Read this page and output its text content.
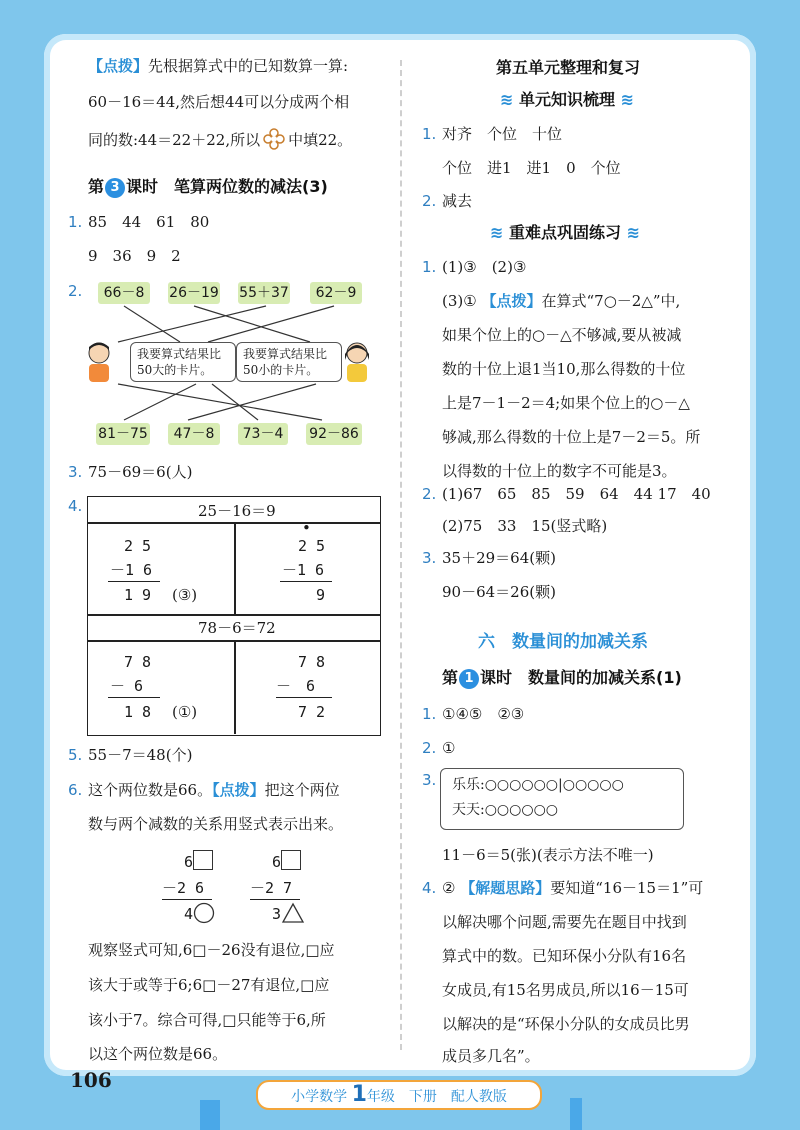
【点拨】先根据算式中的已知数算一算:
60－16＝44,然后想44可以分成两个相
同的数:44＝22＋22,所以 中填22。
第 3 课时　笔算两位数的减法(3)
1. 85　44　61　80
9　36　9　2
2.	66－8	26－19 55＋37	62－9
我要算式结果比50大的卡片。
我要算式结果比50小的卡片。
81－75	47－8	73－4	92－86
3. 75－69＝6(人)
4.	25－16＝9
2 5
－1 6
1 9 (③)
•
2 5
－1 6
9
78－6＝72
7 8
－ 6
1 8 (①)
7 8
－　6
7 2
5. 55－7＝48(个)
6. 这个两位数是66。【点拨】把这个两位
数与两个减数的关系用竖式表示出来。
6
－2 6
4
6
－2 7
3
观察竖式可知,6□－26没有退位,□应
该大于或等于6;6□－27有退位,□应
该小于7。综合可得,□只能等于6,所
以这个两位数是66。
第五单元整理和复习
≋ 单元知识梳理 ≋
1. 对齐　个位　十位
个位　进1　进1　0　个位
2. 减去
≋ 重难点巩固练习 ≋
1. (1)③　(2)③
(3)① 【点拨】在算式“7○－2△”中,
如果个位上的○－△不够减,要从被减
数的十位上退1当10,那么得数的十位
上是7－1－2＝4;如果个位上的○－△
够减,那么得数的十位上是7－2＝5。所
以得数的十位上的数字不可能是3。
2. (1)67　65　85　59　64　44 17　40
(2)75　33　15(竖式略)
3. 35＋29＝64(颗)
90－64＝26(颗)
六　数量间的加减关系
第 1 课时　数量间的加减关系(1)
1. ①④⑤　②③
2. ①
3. 乐乐:○○○○○○|○○○○○
天天:○○○○○○
11－6＝5(张)(表示方法不唯一)
4. ② 【解题思路】要知道“16－15＝1”可
以解决哪个问题,需要先在题目中找到
算式中的数。已知环保小分队有16名
女成员,有15名男成员,所以16－15可
以解决的是“环保小分队的女成员比男
成员多几名”。
106
小学数学 1年级　下册　配人教版
